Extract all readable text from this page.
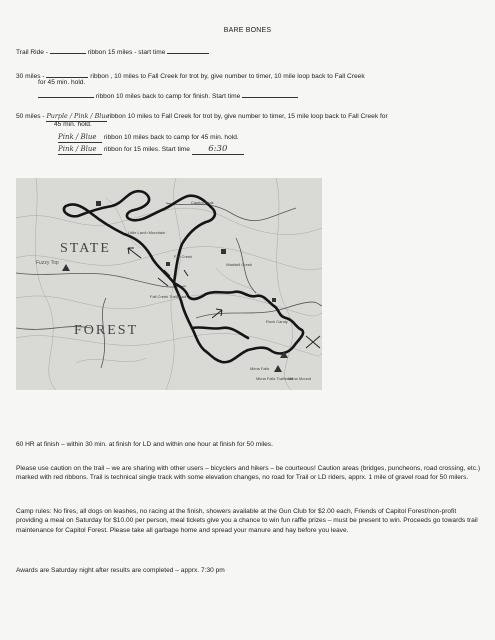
BARE BONES
Trail Ride -	ribbon 15 miles - start time
30 miles -	ribbon , 10 miles to Fall Creek for trot by, give number to timer, 10 mile loop back to Fall Creek
for 45 min. hold.
ribbon 10 miles back to camp for finish. Start time
50 miles - Purple / Pink / Blueribbon 10 miles to Fall Creek for trot by, give number to timer, 15 mile loop back to Fall Creek for
45 min. hold.
Pink / Blue ribbon 10 miles back to camp for 45 min. hold.
Pink / Blue ribbon for 15 miles. Start time 6:30
STATE
FOREST
Fuzzy Top
Little Larch Mountain
Fall Creek
Fall Creek Trailhead
Waddell Creek
Mima Falls
Mima Falls Trailhead
Mima Mound
Rock Candy
Capitol Peak
60 HR at finish – within 30 min. at finish for LD and within one hour at finish for 50 miles.
Please use caution on the trail – we are sharing with other users – bicyclers and hikers – be courteous! Caution areas (bridges, puncheons, road crossing, etc.) marked with red ribbons. Trail is technical single track with some elevation changes, no road for Trail or LD riders, apprx. 1 mile of gravel road for 50 milers.
Camp rules: No fires, all dogs on leashes, no racing at the finish, showers available at the Gun Club for $2.00 each, Friends of Capitol Forest/non-profit providing a meal on Saturday for $10.00 per person, meal tickets give you a chance to win fun raffle prizes – must be present to win. Proceeds go towards trail maintenance for Capitol Forest. Please take all garbage home and spread your manure and hay before you leave.
Awards are Saturday night after results are completed – apprx. 7:30 pm
